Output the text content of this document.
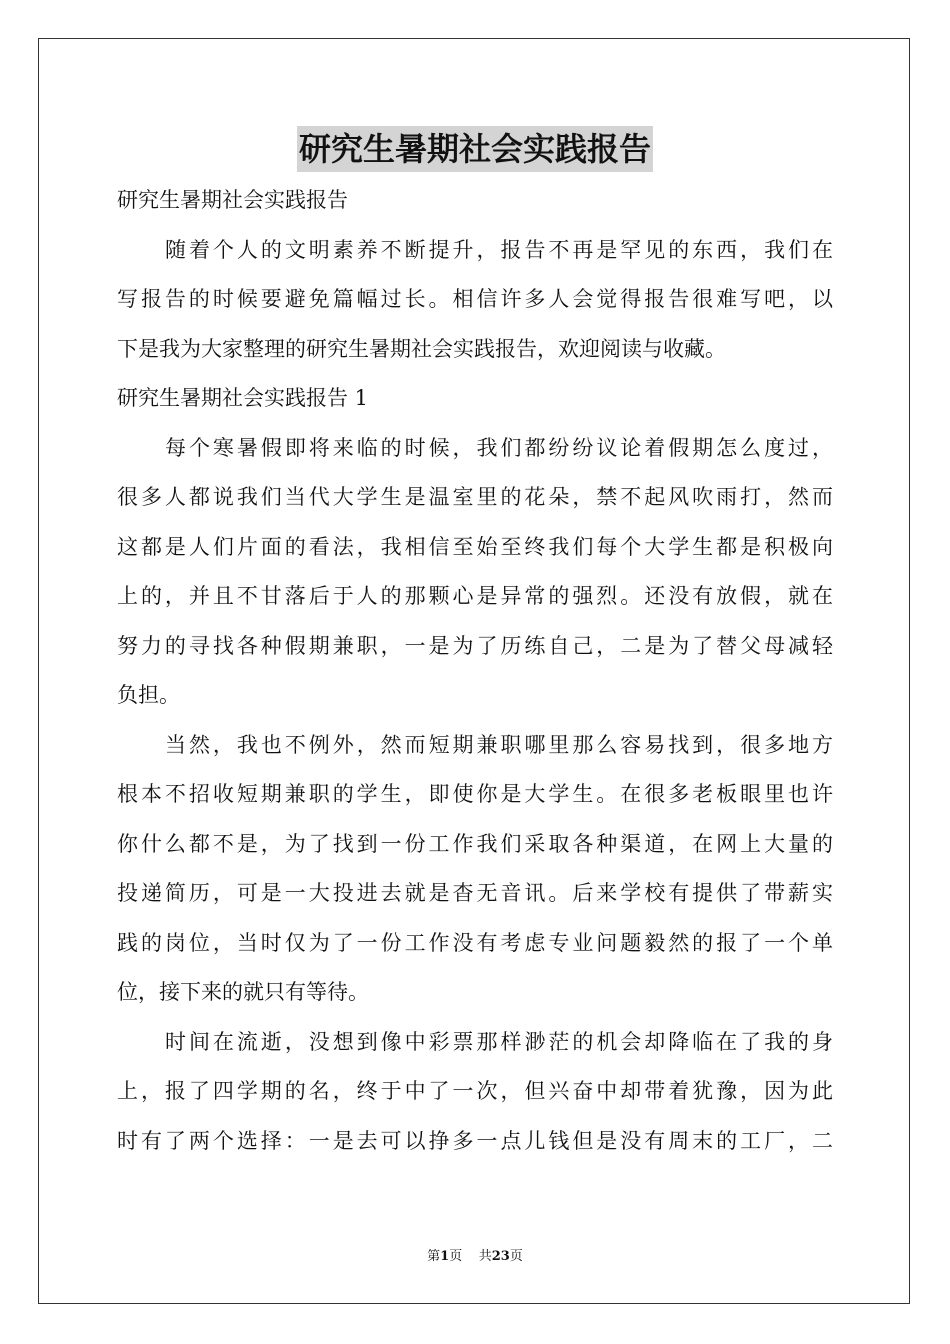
研究生暑期社会实践报告
研究生暑期社会实践报告
随着个人的文明素养不断提升，报告不再是罕见的东西，我们在
写报告的时候要避免篇幅过长。相信许多人会觉得报告很难写吧，以
下是我为大家整理的研究生暑期社会实践报告，欢迎阅读与收藏。
研究生暑期社会实践报告 1
每个寒暑假即将来临的时候，我们都纷纷议论着假期怎么度过，
很多人都说我们当代大学生是温室里的花朵，禁不起风吹雨打，然而
这都是人们片面的看法，我相信至始至终我们每个大学生都是积极向
上的，并且不甘落后于人的那颗心是异常的强烈。还没有放假，就在
努力的寻找各种假期兼职，一是为了历练自己，二是为了替父母减轻
负担。
当然，我也不例外，然而短期兼职哪里那么容易找到，很多地方
根本不招收短期兼职的学生，即使你是大学生。在很多老板眼里也许
你什么都不是，为了找到一份工作我们采取各种渠道，在网上大量的
投递简历，可是一大投进去就是杳无音讯。后来学校有提供了带薪实
践的岗位，当时仅为了一份工作没有考虑专业问题毅然的报了一个单
位，接下来的就只有等待。
时间在流逝，没想到像中彩票那样渺茫的机会却降临在了我的身
上，报了四学期的名，终于中了一次，但兴奋中却带着犹豫，因为此
时有了两个选择：一是去可以挣多一点儿钱但是没有周末的工厂，二
第1页 共23页
